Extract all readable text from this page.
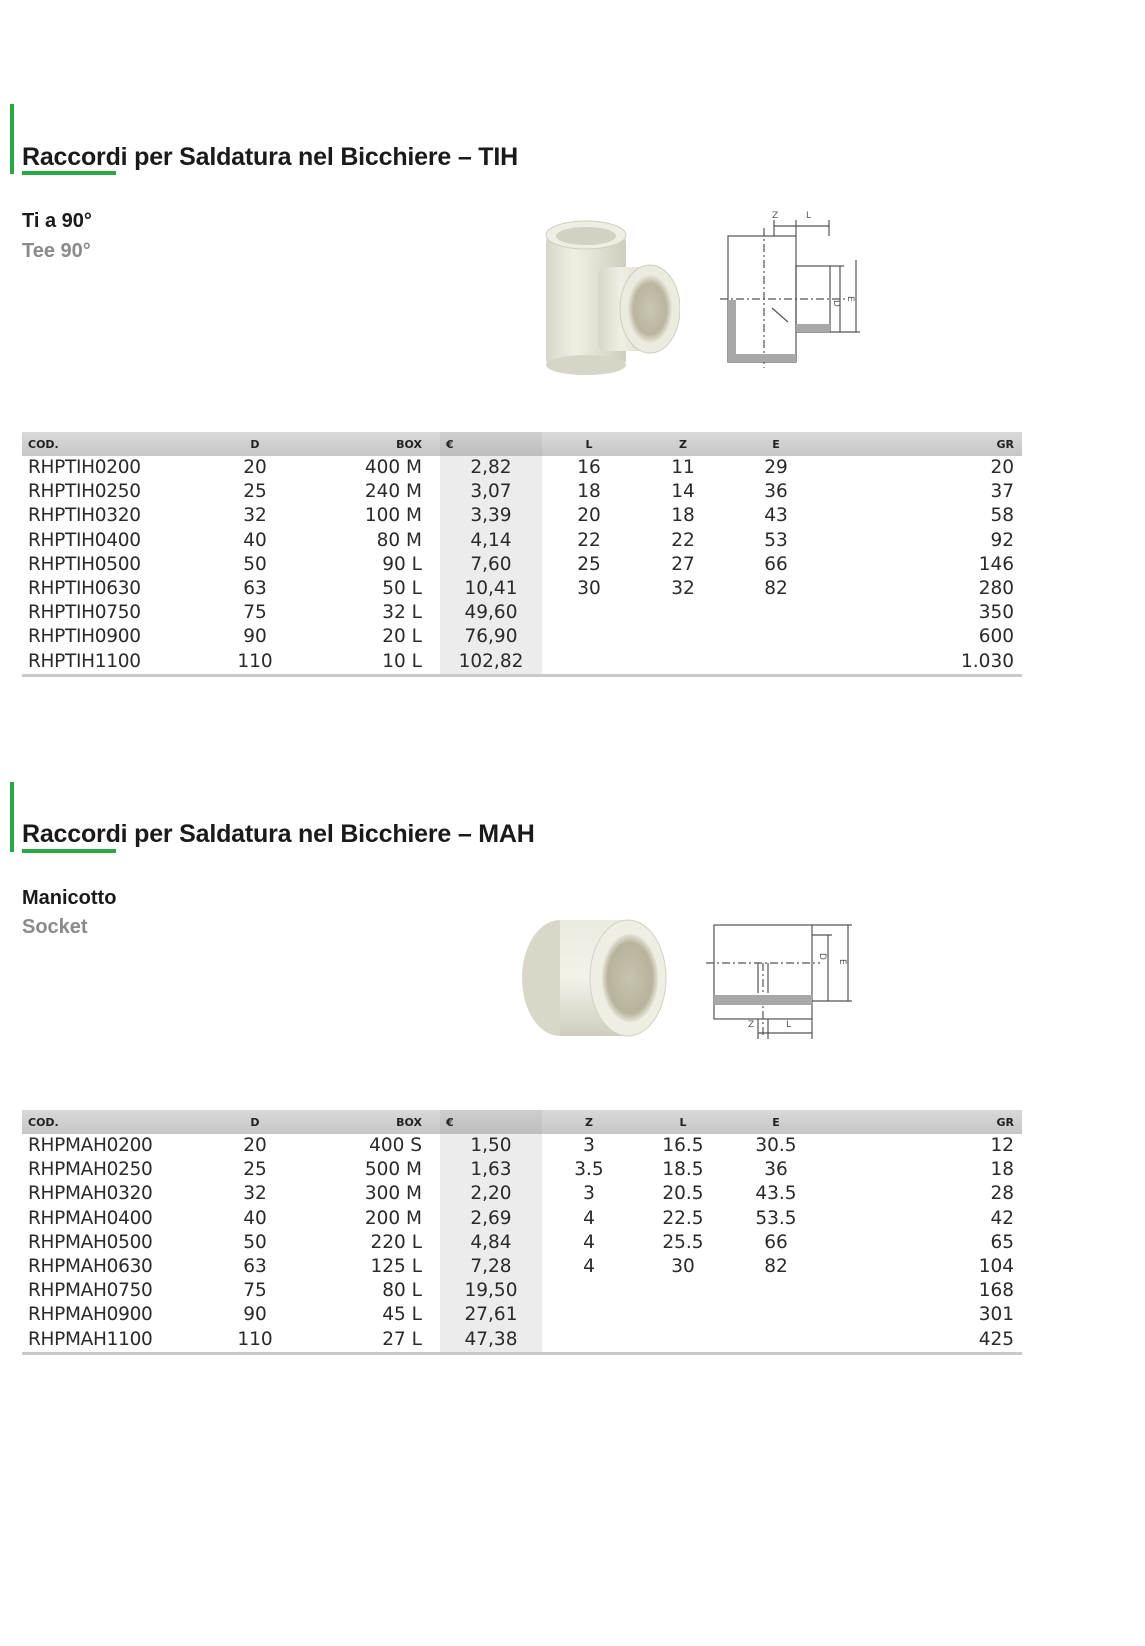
Raccordi per Saldatura nel Bicchiere – TIH
Ti a 90°
Tee 90°
Z	L
D
E
COD.	D	BOX	€	L	Z	E		GR
RHPTIH0200	20	400 M	2,82	16	11	29		20
RHPTIH0250	25	240 M	3,07	18	14	36		37
RHPTIH0320	32	100 M	3,39	20	18	43		58
RHPTIH0400	40	80 M	4,14	22	22	53		92
RHPTIH0500	50	90 L	7,60	25	27	66		146
RHPTIH0630	63	50 L	10,41	30	32	82		280
RHPTIH0750	75	32 L	49,60					350
RHPTIH0900	90	20 L	76,90					600
RHPTIH1100	110	10 L	102,82					1.030
Raccordi per Saldatura nel Bicchiere – MAH
Manicotto
Socket
Z	L
D
E
COD.	D	BOX	€	Z	L	E		GR
RHPMAH0200	20	400 S	1,50	3	16.5	30.5		12
RHPMAH0250	25	500 M	1,63	3.5	18.5	36		18
RHPMAH0320	32	300 M	2,20	3	20.5	43.5		28
RHPMAH0400	40	200 M	2,69	4	22.5	53.5		42
RHPMAH0500	50	220 L	4,84	4	25.5	66		65
RHPMAH0630	63	125 L	7,28	4	30	82		104
RHPMAH0750	75	80 L	19,50					168
RHPMAH0900	90	45 L	27,61					301
RHPMAH1100	110	27 L	47,38					425
